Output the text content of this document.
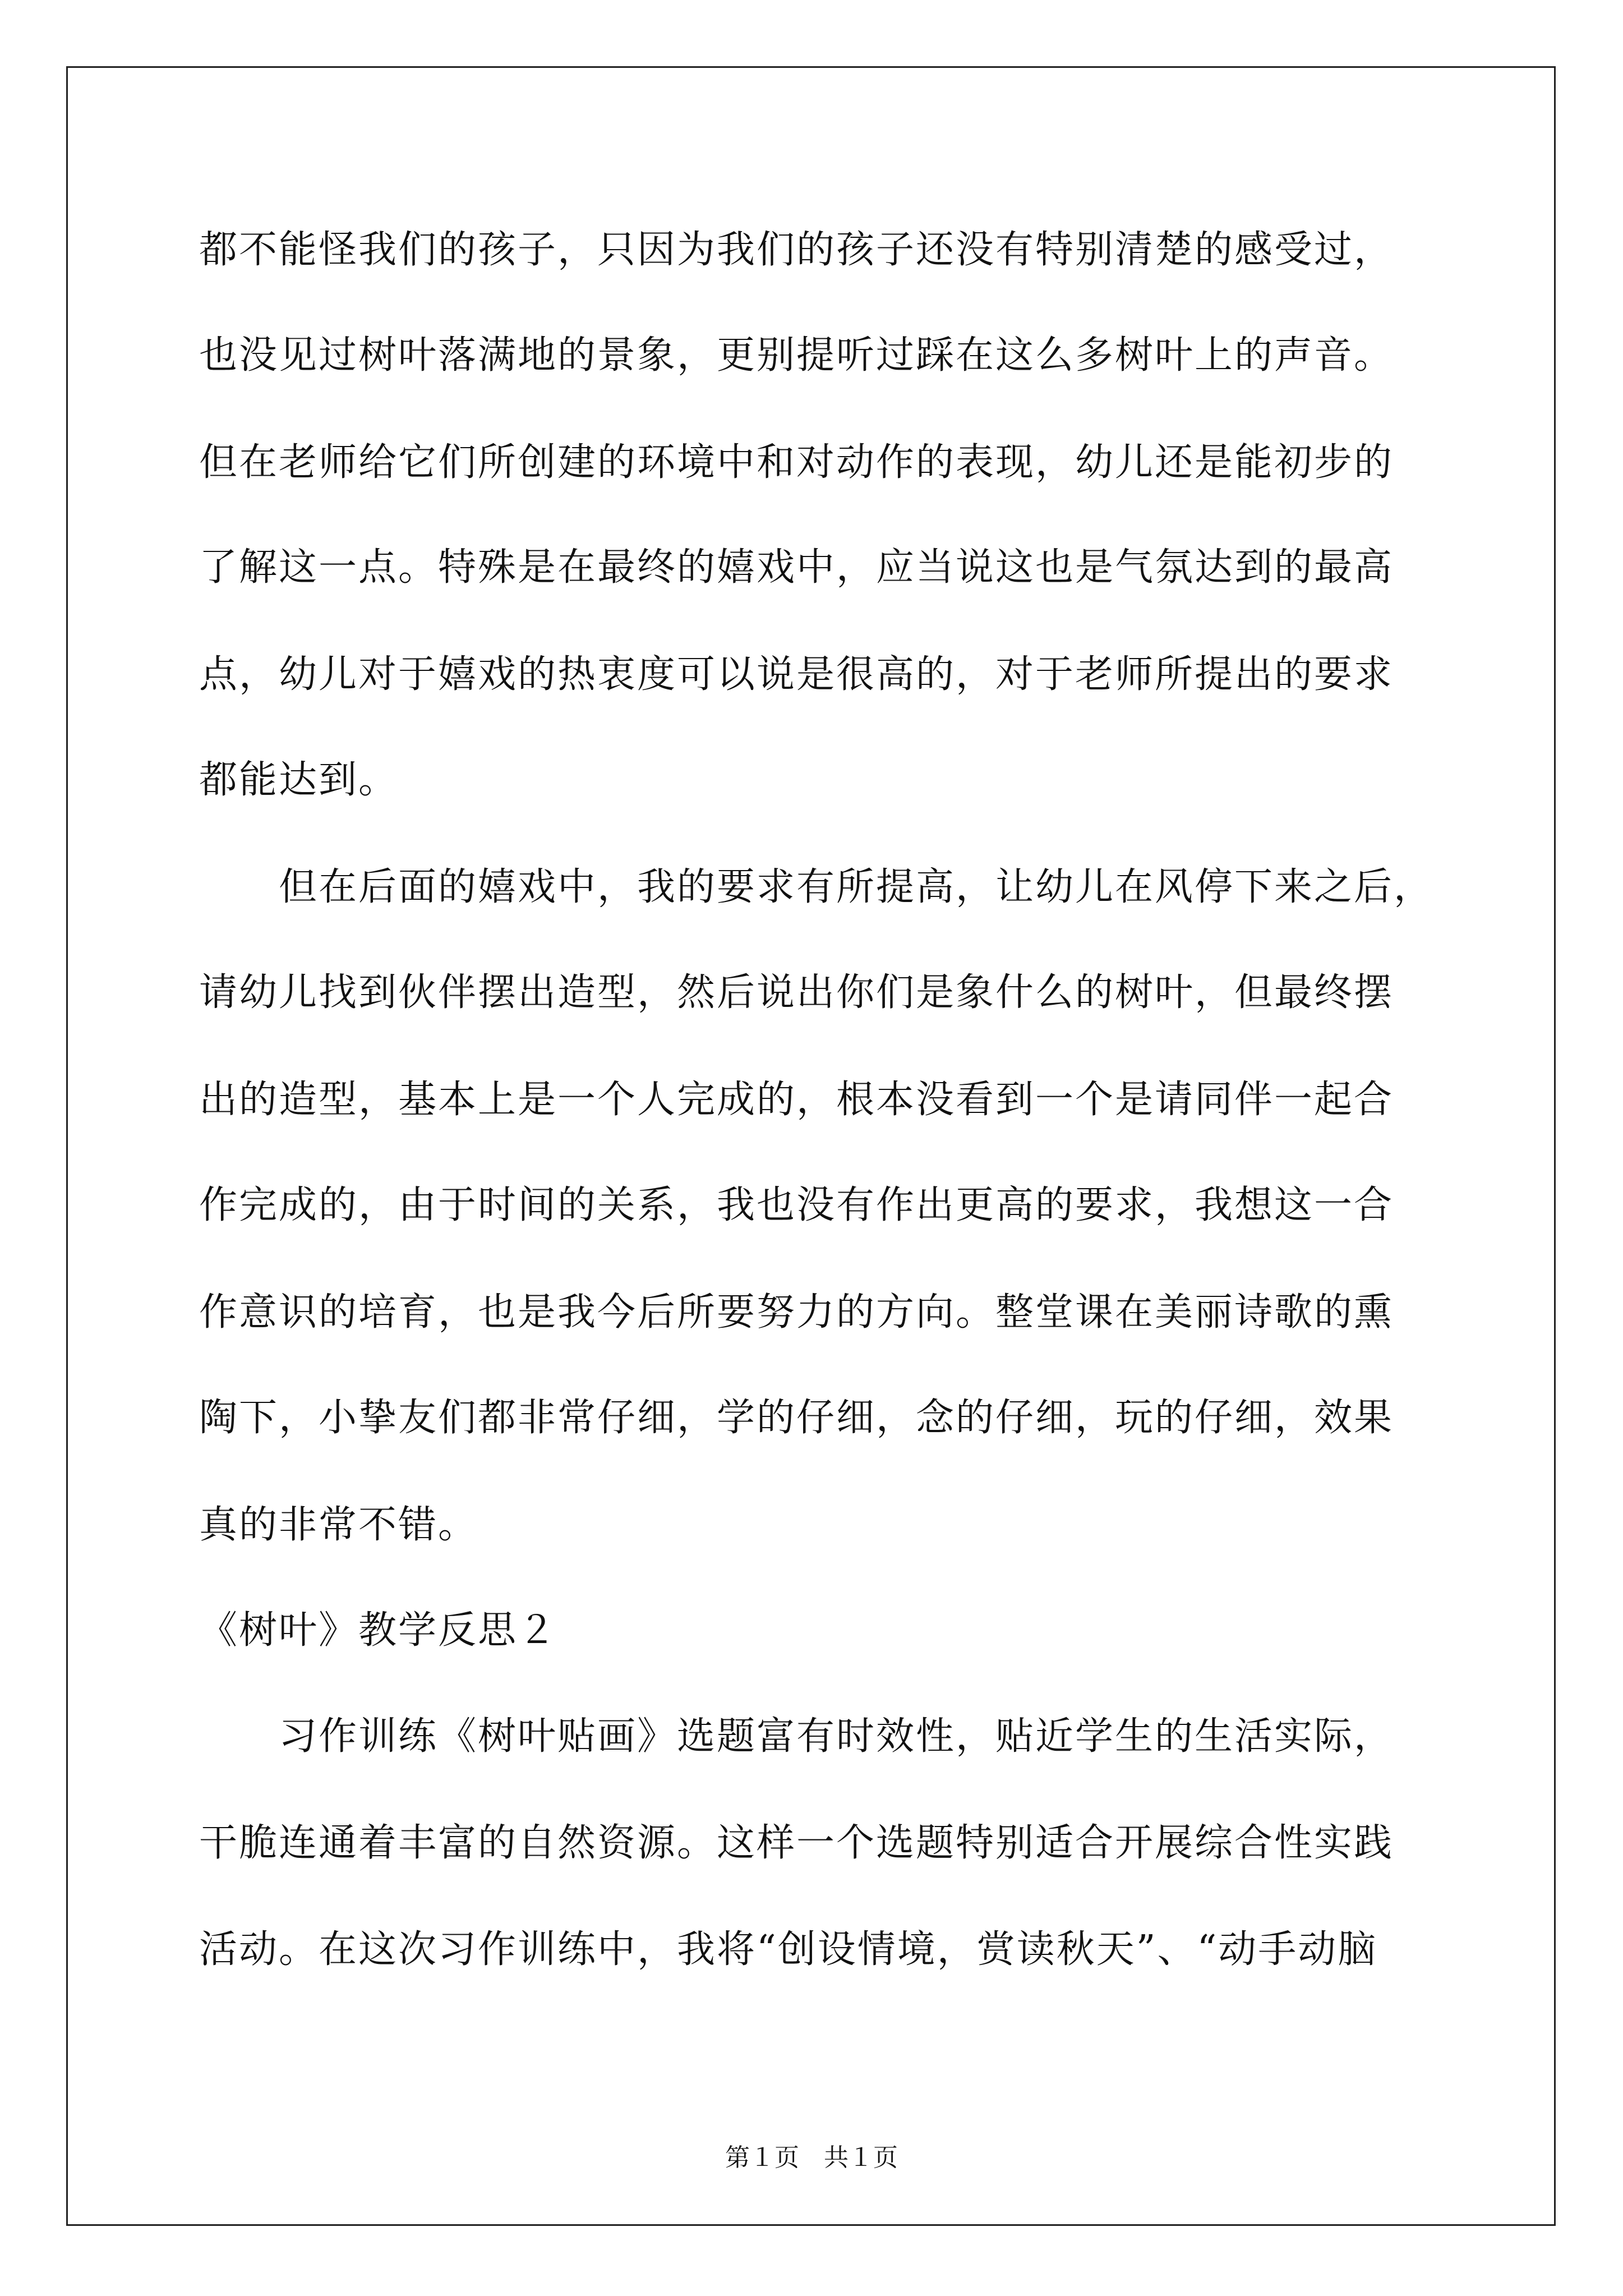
都不能怪我们的孩子，只因为我们的孩子还没有特别清楚的感受过，
也没见过树叶落满地的景象，更别提听过踩在这么多树叶上的声音。
但在老师给它们所创建的环境中和对动作的表现，幼儿还是能初步的
了解这一点。特殊是在最终的嬉戏中，应当说这也是气氛达到的最高
点，幼儿对于嬉戏的热衷度可以说是很高的，对于老师所提出的要求
都能达到。
但在后面的嬉戏中，我的要求有所提高，让幼儿在风停下来之后，
请幼儿找到伙伴摆出造型，然后说出你们是象什么的树叶，但最终摆
出的造型，基本上是一个人完成的，根本没看到一个是请同伴一起合
作完成的，由于时间的关系，我也没有作出更高的要求，我想这一合
作意识的培育，也是我今后所要努力的方向。整堂课在美丽诗歌的熏
陶下，小挚友们都非常仔细，学的仔细，念的仔细，玩的仔细，效果
真的非常不错。
《树叶》教学反思２
习作训练《树叶贴画》选题富有时效性，贴近学生的生活实际，
干脆连通着丰富的自然资源。这样一个选题特别适合开展综合性实践
活动。在这次习作训练中，我将“创设情境，赏读秋天”、“动手动脑
第１页　共１页
